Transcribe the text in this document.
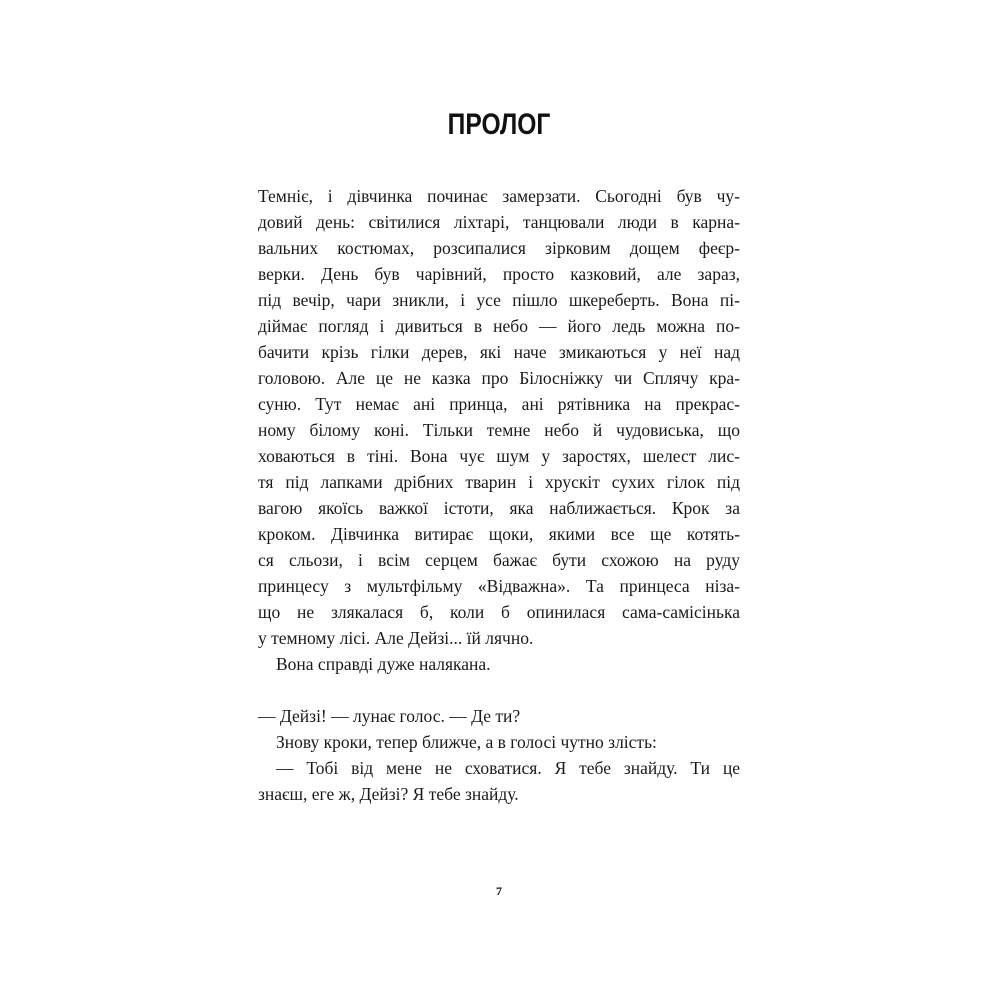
ПРОЛОГ
Темніє, і дівчинка починає замерзати. Сьогодні був чу-
довий день: світилися ліхтарі, танцювали люди в карна-
вальних костюмах, розсипалися зірковим дощем феєр-
верки. День був чарівний, просто казковий, але зараз,
під вечір, чари зникли, і усе пішло шкереберть. Вона пі-
діймає погляд і дивиться в небо — його ледь можна по-
бачити крізь гілки дерев, які наче змикаються у неї над
головою. Але це не казка про Білосніжку чи Сплячу кра-
суню. Тут немає ані принца, ані рятівника на прекрас-
ному білому коні. Тільки темне небо й чудовиська, що
ховаються в тіні. Вона чує шум у заростях, шелест лис-
тя під лапками дрібних тварин і хрускіт сухих гілок під
вагою якоїсь важкої істоти, яка наближається. Крок за
кроком. Дівчинка витирає щоки, якими все ще котять-
ся сльози, і всім серцем бажає бути схожою на руду
принцесу з мультфільму «Відважна». Та принцеса ніза-
що не злякалася б, коли б опинилася сама-самісінька
у темному лісі. Але Дейзі... їй лячно.
Вона справді дуже налякана.
— Дейзі! — лунає голос. — Де ти?
Знову кроки, тепер ближче, а в голосі чутно злість:
— Тобі від мене не сховатися. Я тебе знайду. Ти це
знаєш, еге ж, Дейзі? Я тебе знайду.
7
